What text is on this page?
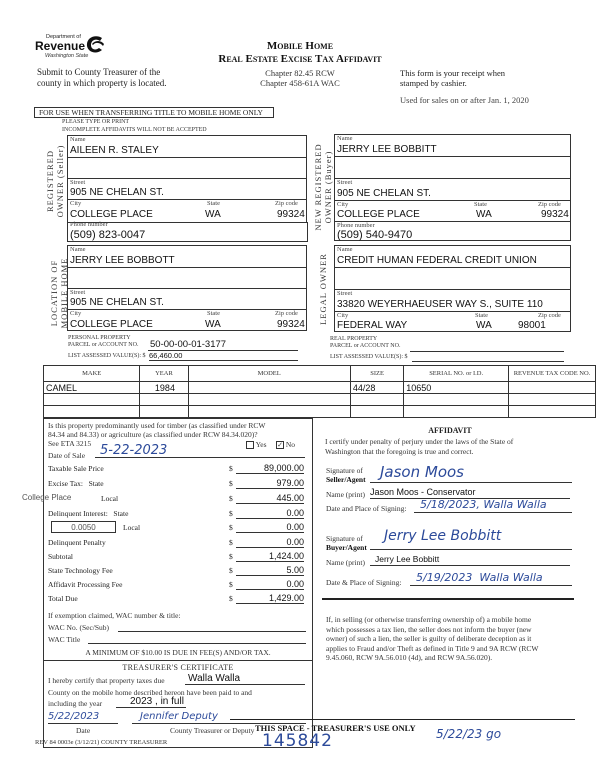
Department of
Revenue
Washington State
Submit to County Treasurer of the
county in which property is located.
Mobile Home
Real Estate Excise Tax Affidavit
Chapter 82.45 RCW
Chapter 458-61A WAC
This form is your receipt when
stamped by cashier.
Used for sales on or after Jan. 1, 2020
FOR USE WHEN TRANSFERRING TITLE TO MOBILE HOME ONLY
PLEASE TYPE OR PRINT
INCOMPLETE AFFIDAVITS WILL NOT BE ACCEPTED
REGISTERED OWNER (Seller)
Name
AILEEN R. STALEY
Street
905 NE CHELAN ST.
City	State	Zip code
COLLEGE PLACE	WA	99324
Phone number
(509) 823-0047
NEW REGISTERED OWNER (Buyer)
Name
JERRY LEE BOBBITT
Street
905 NE CHELAN ST.
City	State	Zip code
COLLEGE PLACE	WA	99324
Phone number
(509) 540-9470
LOCATION OF MOBILE HOME
Name
JERRY LEE BOBBOTT
Street
905 NE CHELAN ST.
City	State	Zip code
COLLEGE PLACE	WA	99324
PERSONAL PROPERTY
PARCEL or ACCOUNT NO. 50-00-00-01-3177
LIST ASSESSED VALUE(S): $ 66,460.00
LEGAL OWNER
Name
CREDIT HUMAN FEDERAL CREDIT UNION
Street
33820 WEYERHAEUSER WAY S., SUITE 110
City	State	Zip code
FEDERAL WAY	WA	98001
REAL PROPERTY
PARCEL or ACCOUNT NO.
LIST ASSESSED VALUE(S): $
MAKE	YEAR	MODEL	SIZE	SERIAL NO. or I.D.	REVENUE TAX CODE NO.
CAMEL	1984		44/28	10650	

Is this property predominantly used for timber (as classified under RCW
84.34 and 84.33) or agriculture (as classified under RCW 84.34.020)?
See ETA 3215	Yes ✓ No
Date of Sale	5-22-2023
Taxable Sale Price	$	89,000.00
Excise Tax:   State	$	979.00
College Place	Local	$	445.00
Delinquent Interest:   State	$	0.00
0.0050	Local	$	0.00
Delinquent Penalty	$	0.00
Subtotal	$	1,424.00
State Technology Fee	$	5.00
Affidavit Processing Fee	$	0.00
Total Due	$	1,429.00
If exemption claimed, WAC number & title:
WAC No. (Sec/Sub)
WAC Title
A MINIMUM OF $10.00 IS DUE IN FEE(S) AND/OR TAX.
TREASURER'S CERTIFICATE
I hereby certify that property taxes due	Walla Walla
County on the mobile home described hereon have been paid to and
including the year	2023 , in full
5/22/2023	Jennifer Deputy
Date	County Treasurer or Deputy
AFFIDAVIT
I certify under penalty of perjury under the laws of the State of
Washington that the foregoing is true and correct.
Signature of
Seller/Agent Jason Moos
Name (print) Jason Moos - Conservator
Date and Place of Signing:	5/18/2023, Walla Walla
Signature of
Buyer/Agent
Jerry Lee Bobbitt
Name (print)	Jerry Lee Bobbitt
Date & Place of Signing:	5/19/2023  Walla Walla
If, in selling (or otherwise transferring ownership of) a mobile home
which possesses a tax lien, the seller does not inform the buyer (new
owner) of such a lien, the seller is guilty of deliberate deception as it
applies to Fraud and/or Theft as defined in Title 9 and 9A RCW (RCW
9.45.060, RCW 9A.56.010 (4d), and RCW 9A.56.020).
THIS SPACE - TREASURER'S USE ONLY
REV 84 0003e (3/12/21) COUNTY TREASURER	145842	5/22/23 go
